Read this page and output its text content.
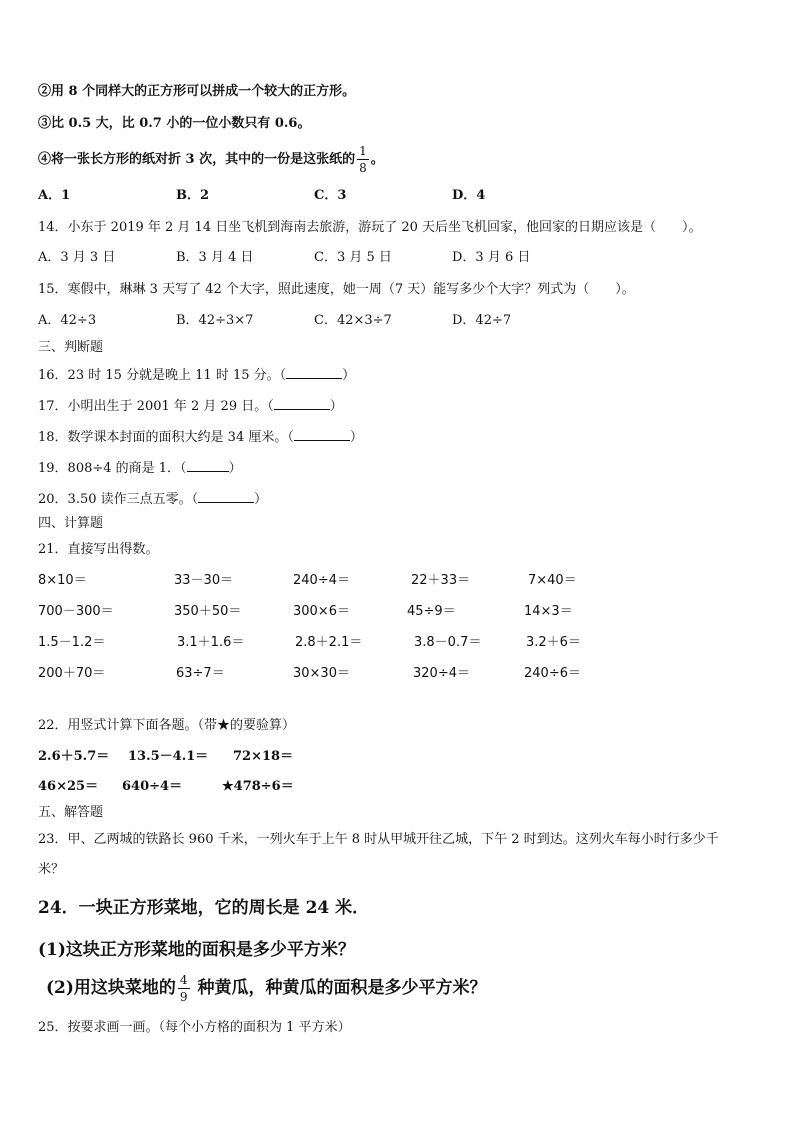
②用 8 个同样大的正方形可以拼成一个较大的正方形。
③比 0.5 大，比 0.7 小的一位小数只有 0.6。
④将一张长方形的纸对折 3 次，其中的一份是这张纸的 $\frac{1}{8}$ 。
A．1	B．2	C．3	D．4
14．小东于 2019 年 2 月 14 日坐飞机到海南去旅游，游玩了 20 天后坐飞机回家，他回家的日期应该是（　　）。
A．3 月 3 日	B．3 月 4 日	C．3 月 5 日	D．3 月 6 日
15．寒假中，琳琳 3 天写了 42 个大字，照此速度，她一周（7 天）能写多少个大字？列式为（　　）。
A．42÷3	B．42÷3×7	C．42×3÷7	D．42÷7
三、判断题
16．23 时 15 分就是晚上 11 时 15 分。（	）
17．小明出生于 2001 年 2 月 29 日。（	）
18．数学课本封面的面积大约是 34 厘米。（	）
19．808÷4 的商是 1．（	）
20．3.50 读作三点五零。（	）
四、计算题
21．直接写出得数。
8×10＝	33－30＝	240÷4＝	22＋33＝	7×40＝
700－300＝	350＋50＝	300×6＝	45÷9＝	14×3＝
1.5－1.2＝	3.1＋1.6＝	2.8＋2.1＝	3.8－0.7＝	3.2＋6＝
200＋70＝	63÷7＝	30×30＝	320÷4＝	240÷6＝
22．用竖式计算下面各题。（带★的要验算）
2.6＋5.7＝ 13.5－4.1＝ 72×18＝
46×25＝ 640÷4＝	★478÷6＝
五、解答题
23．甲、乙两城的铁路长 960 千米，一列火车于上午 8 时从甲城开往乙城，下午 2 时到达。这列火车每小时行多少千
米？
24．一块正方形菜地，它的周长是 24 米．
(1)这块正方形菜地的面积是多少平方米？
(2)用这块菜地的 $\frac{4}{9}$ 种黄瓜，种黄瓜的面积是多少平方米？
25．按要求画一画。（每个小方格的面积为 1 平方米）
